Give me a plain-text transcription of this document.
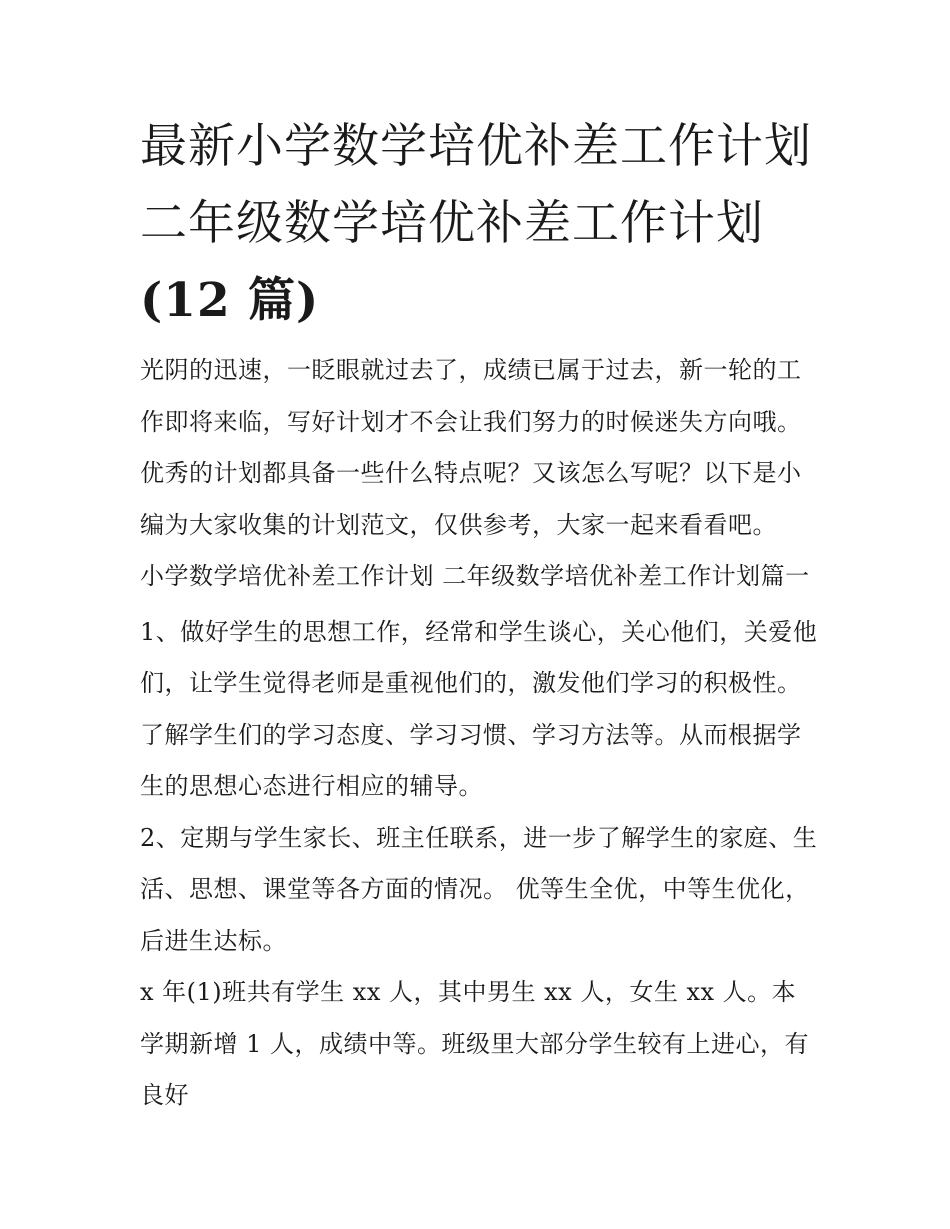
最新小学数学培优补差工作计划 二年级数学培优补差工作计划(12 篇)

光阴的迅速，一眨眼就过去了，成绩已属于过去，新一轮的工作即将来临，写好计划才不会让我们努力的时候迷失方向哦。优秀的计划都具备一些什么特点呢？又该怎么写呢？以下是小编为大家收集的计划范文，仅供参考，大家一起来看看吧。

小学数学培优补差工作计划 二年级数学培优补差工作计划篇一

1、做好学生的思想工作，经常和学生谈心，关心他们，关爱他们，让学生觉得老师是重视他们的，激发他们学习的积极性。了解学生们的学习态度、学习习惯、学习方法等。从而根据学生的思想心态进行相应的辅导。

2、定期与学生家长、班主任联系，进一步了解学生的家庭、生活、思想、课堂等各方面的情况。 优等生全优，中等生优化，后进生达标。

x 年(1)班共有学生 xx 人，其中男生 xx 人，女生 xx 人。本学期新增 1 人，成绩中等。班级里大部分学生较有上进心，有良好
